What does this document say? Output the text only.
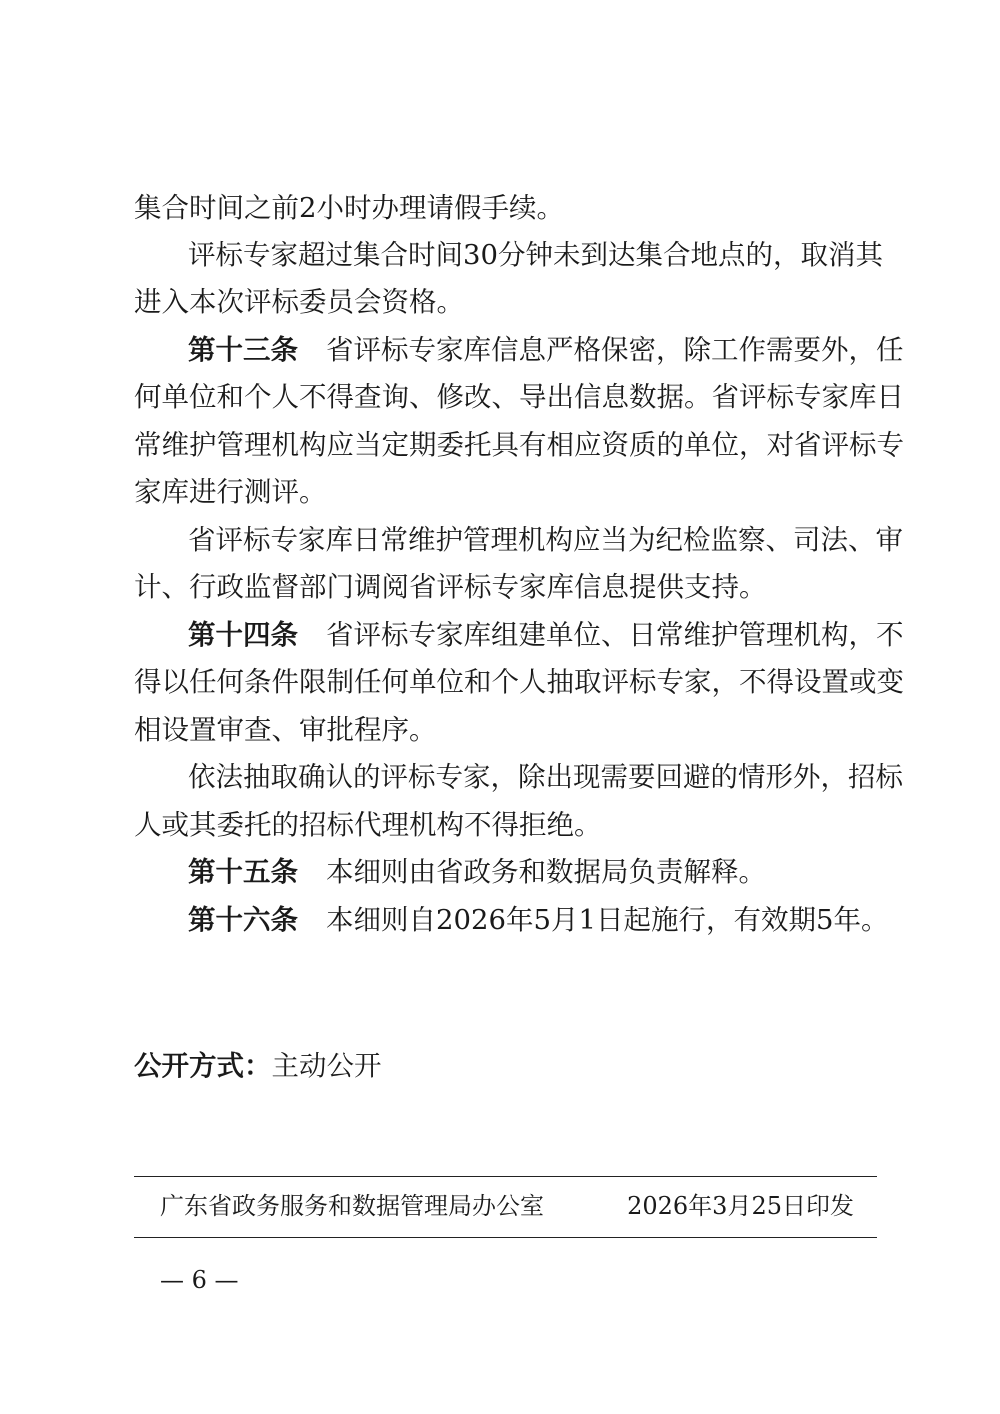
集合时间之前2小时办理请假手续。
评标专家超过集合时间30分钟未到达集合地点的，取消其
进入本次评标委员会资格。
第十三条 省评标专家库信息严格保密，除工作需要外，任
何单位和个人不得查询、修改、导出信息数据。省评标专家库日
常维护管理机构应当定期委托具有相应资质的单位，对省评标专
家库进行测评。
省评标专家库日常维护管理机构应当为纪检监察、司法、审
计、行政监督部门调阅省评标专家库信息提供支持。
第十四条 省评标专家库组建单位、日常维护管理机构，不
得以任何条件限制任何单位和个人抽取评标专家，不得设置或变
相设置审查、审批程序。
依法抽取确认的评标专家，除出现需要回避的情形外，招标
人或其委托的招标代理机构不得拒绝。
第十五条 本细则由省政务和数据局负责解释。
第十六条 本细则自2026年5月1日起施行，有效期5年。
公开方式：主动公开
广东省政务服务和数据管理局办公室	2026年3月25日印发
— 6 —
